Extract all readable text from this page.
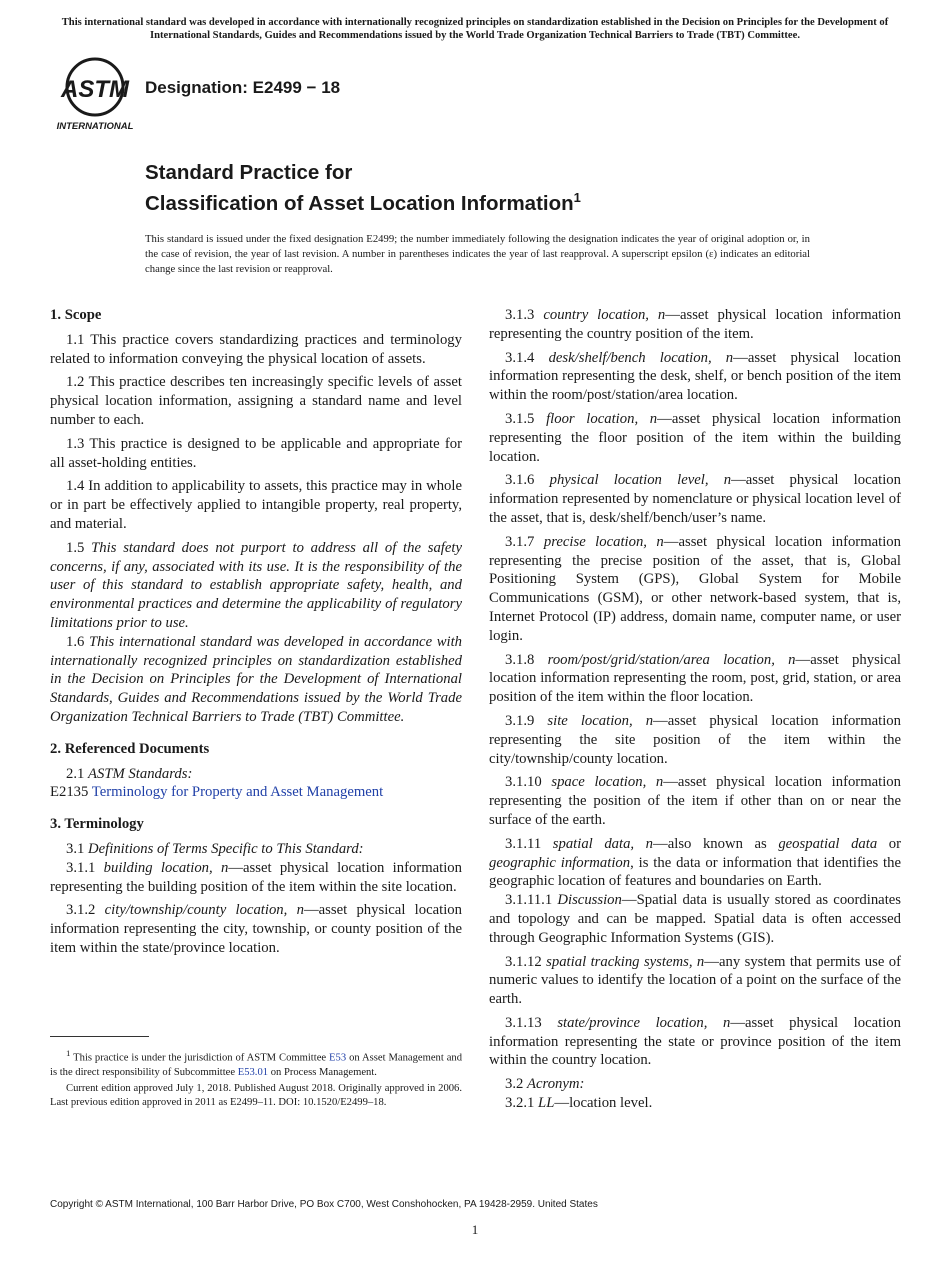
This international standard was developed in accordance with internationally recognized principles on standardization established in the Decision on Principles for the Development of International Standards, Guides and Recommendations issued by the World Trade Organization Technical Barriers to Trade (TBT) Committee.
ASTM
INTERNATIONAL
Designation: E2499 − 18
Standard Practice for
Classification of Asset Location Information$^1$
This standard is issued under the fixed designation E2499; the number immediately following the designation indicates the year of original adoption or, in the case of revision, the year of last revision. A number in parentheses indicates the year of last reapproval. A superscript epsilon (ε) indicates an editorial change since the last revision or reapproval.
1. Scope

1.1 This practice covers standardizing practices and terminology related to information conveying the physical location of assets.

1.2 This practice describes ten increasingly specific levels of asset physical location information, assigning a standard name and level number to each.

1.3 This practice is designed to be applicable and appropriate for all asset-holding entities.

1.4 In addition to applicability to assets, this practice may in whole or in part be effectively applied to intangible property, real property, and material.

1.5 This standard does not purport to address all of the safety concerns, if any, associated with its use. It is the responsibility of the user of this standard to establish appropriate safety, health, and environmental practices and determine the applicability of regulatory limitations prior to use.

1.6 This international standard was developed in accordance with internationally recognized principles on standardization established in the Decision on Principles for the Development of International Standards, Guides and Recommendations issued by the World Trade Organization Technical Barriers to Trade (TBT) Committee.

2. Referenced Documents

2.1 ASTM Standards:

E2135 Terminology for Property and Asset Management

3. Terminology

3.1 Definitions of Terms Specific to This Standard:

3.1.1 building location, n—asset physical location information representing the building position of the item within the site location.

3.1.2 city/township/county location, n—asset physical location information representing the city, township, or county position of the item within the state/province location.

$^1$ This practice is under the jurisdiction of ASTM Committee E53 on Asset Management and is the direct responsibility of Subcommittee E53.01 on Process Management.

Current edition approved July 1, 2018. Published August 2018. Originally approved in 2006. Last previous edition approved in 2011 as E2499–11. DOI: 10.1520/E2499–18.

3.1.3 country location, n—asset physical location information representing the country position of the item.

3.1.4 desk/shelf/bench location, n—asset physical location information representing the desk, shelf, or bench position of the item within the room/post/station/area location.

3.1.5 floor location, n—asset physical location information representing the floor position of the item within the building location.

3.1.6 physical location level, n—asset physical location information represented by nomenclature or physical location level of the asset, that is, desk/shelf/bench/user’s name.

3.1.7 precise location, n—asset physical location information representing the precise position of the asset, that is, Global Positioning System (GPS), Global System for Mobile Communications (GSM), or other network-based system, that is, Internet Protocol (IP) address, domain name, computer name, or user login.

3.1.8 room/post/grid/station/area location, n—asset physical location information representing the room, post, grid, station, or area position of the item within the floor location.

3.1.9 site location, n—asset physical location information representing the site position of the item within the city/township/county location.

3.1.10 space location, n—asset physical location information representing the position of the item if other than on or near the surface of the earth.

3.1.11 spatial data, n—also known as geospatial data or geographic information, is the data or information that identifies the geographic location of features and boundaries on Earth.

3.1.11.1 Discussion—Spatial data is usually stored as coordinates and topology and can be mapped. Spatial data is often accessed through Geographic Information Systems (GIS).

3.1.12 spatial tracking systems, n—any system that permits use of numeric values to identify the location of a point on the surface of the earth.

3.1.13 state/province location, n—asset physical location information representing the state or province position of the item within the country location.

3.2 Acronym:

3.2.1 LL—location level.

Copyright © ASTM International, 100 Barr Harbor Drive, PO Box C700, West Conshohocken, PA 19428-2959. United States
1
